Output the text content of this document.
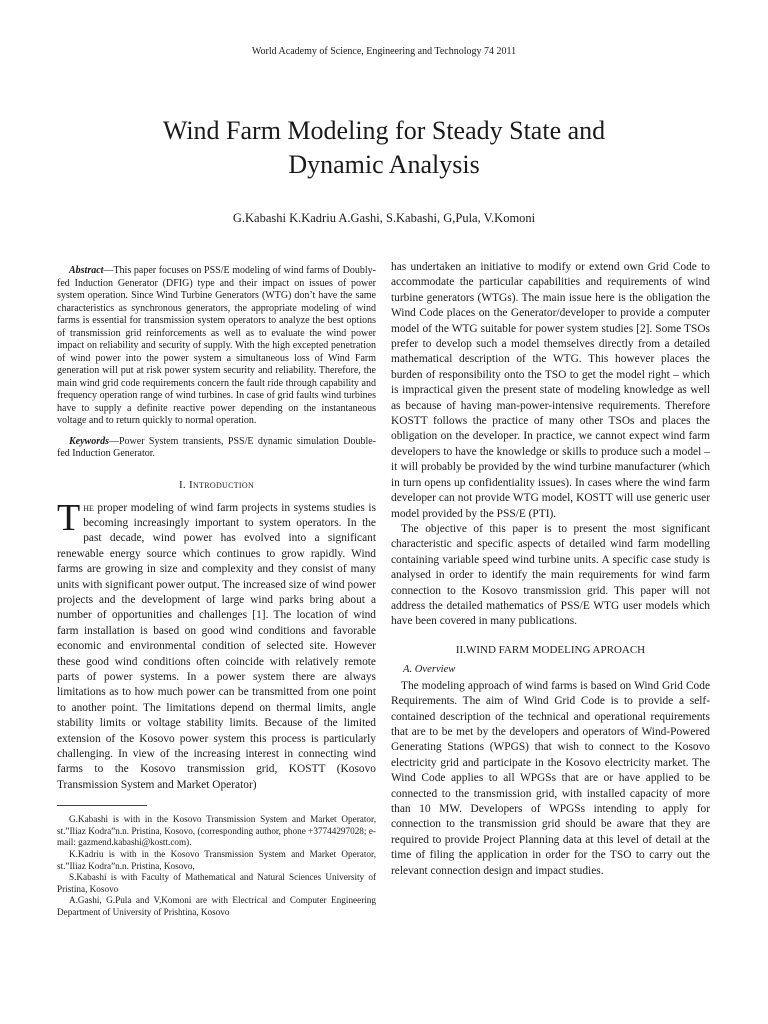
World Academy of Science, Engineering and Technology 74 2011
Wind Farm Modeling for Steady State and
Dynamic Analysis
G.Kabashi K.Kadriu A.Gashi, S.Kabashi, G,Pula, V.Komoni

Abstract—This paper focuses on PSS/E modeling of wind farms of Doubly-fed Induction Generator (DFIG) type and their impact on issues of power system operation. Since Wind Turbine Generators (WTG) don’t have the same characteristics as synchronous generators, the appropriate modeling of wind farms is essential for transmission system operators to analyze the best options of transmission grid reinforcements as well as to evaluate the wind power impact on reliability and security of supply. With the high excepted penetration of wind power into the power system a simultaneous loss of Wind Farm generation will put at risk power system security and reliability. Therefore, the main wind grid code requirements concern the fault ride through capability and frequency operation range of wind turbines. In case of grid faults wind turbines have to supply a definite reactive power depending on the instantaneous voltage and to return quickly to normal operation.

Keywords—Power System transients, PSS/E dynamic simulation Double-fed Induction Generator.

I. Introduction

The proper modeling of wind farm projects in systems studies is becoming increasingly important to system operators. In the past decade, wind power has evolved into a significant renewable energy source which continues to grow rapidly. Wind farms are growing in size and complexity and they consist of many units with significant power output. The increased size of wind power projects and the development of large wind parks bring about a number of opportunities and challenges [1]. The location of wind farm installation is based on good wind conditions and favorable economic and environmental condition of selected site. However these good wind conditions often coincide with relatively remote parts of power systems. In a power system there are always limitations as to how much power can be transmitted from one point to another point. The limitations depend on thermal limits, angle stability limits or voltage stability limits. Because of the limited extension of the Kosovo power system this process is particularly challenging. In view of the increasing interest in connecting wind farms to the Kosovo transmission grid, KOSTT (Kosovo Transmission System and Market Operator)

G.Kabashi is with in the Kosovo Transmission System and Market Operator, st.”Iliaz Kodra”n.n. Pristina, Kosovo, (corresponding author, phone +37744297028; e-mail: gazmend.kabashi@kostt.com).

K.Kadriu is with in the Kosovo Transmission System and Market Operator, st.”Iliaz Kodra”n.n. Pristina, Kosovo,

S.Kabashi is with Faculty of Mathematical and Natural Sciences University of Pristina, Kosovo

A.Gashi, G.Pula and V,Komoni are with Electrical and Computer Engineering Department of University of Prishtina, Kosovo

has undertaken an initiative to modify or extend own Grid Code to accommodate the particular capabilities and requirements of wind turbine generators (WTGs). The main issue here is the obligation the Wind Code places on the Generator/developer to provide a computer model of the WTG suitable for power system studies [2]. Some TSOs prefer to develop such a model themselves directly from a detailed mathematical description of the WTG. This however places the burden of responsibility onto the TSO to get the model right – which is impractical given the present state of modeling knowledge as well as because of having man-power-intensive requirements. Therefore KOSTT follows the practice of many other TSOs and places the obligation on the developer. In practice, we cannot expect wind farm developers to have the knowledge or skills to produce such a model – it will probably be provided by the wind turbine manufacturer (which in turn opens up confidentiality issues). In cases where the wind farm developer can not provide WTG model, KOSTT will use generic user model provided by the PSS/E (PTI).

The objective of this paper is to present the most significant characteristic and specific aspects of detailed wind farm modelling containing variable speed wind turbine units. A specific case study is analysed in order to identify the main requirements for wind farm connection to the Kosovo transmission grid. This paper will not address the detailed mathematics of PSS/E WTG user models which have been covered in many publications.

II.WIND FARM MODELING APROACH
A. Overview

The modeling approach of wind farms is based on Wind Grid Code Requirements. The aim of Wind Grid Code is to provide a self-contained description of the technical and operational requirements that are to be met by the developers and operators of Wind-Powered Generating Stations (WPGS) that wish to connect to the Kosovo electricity grid and participate in the Kosovo electricity market. The Wind Code applies to all WPGSs that are or have applied to be connected to the transmission grid, with installed capacity of more than 10 MW. Developers of WPGSs intending to apply for connection to the transmission grid should be aware that they are required to provide Project Planning data at this level of detail at the time of filing the application in order for the TSO to carry out the relevant connection design and impact studies.
